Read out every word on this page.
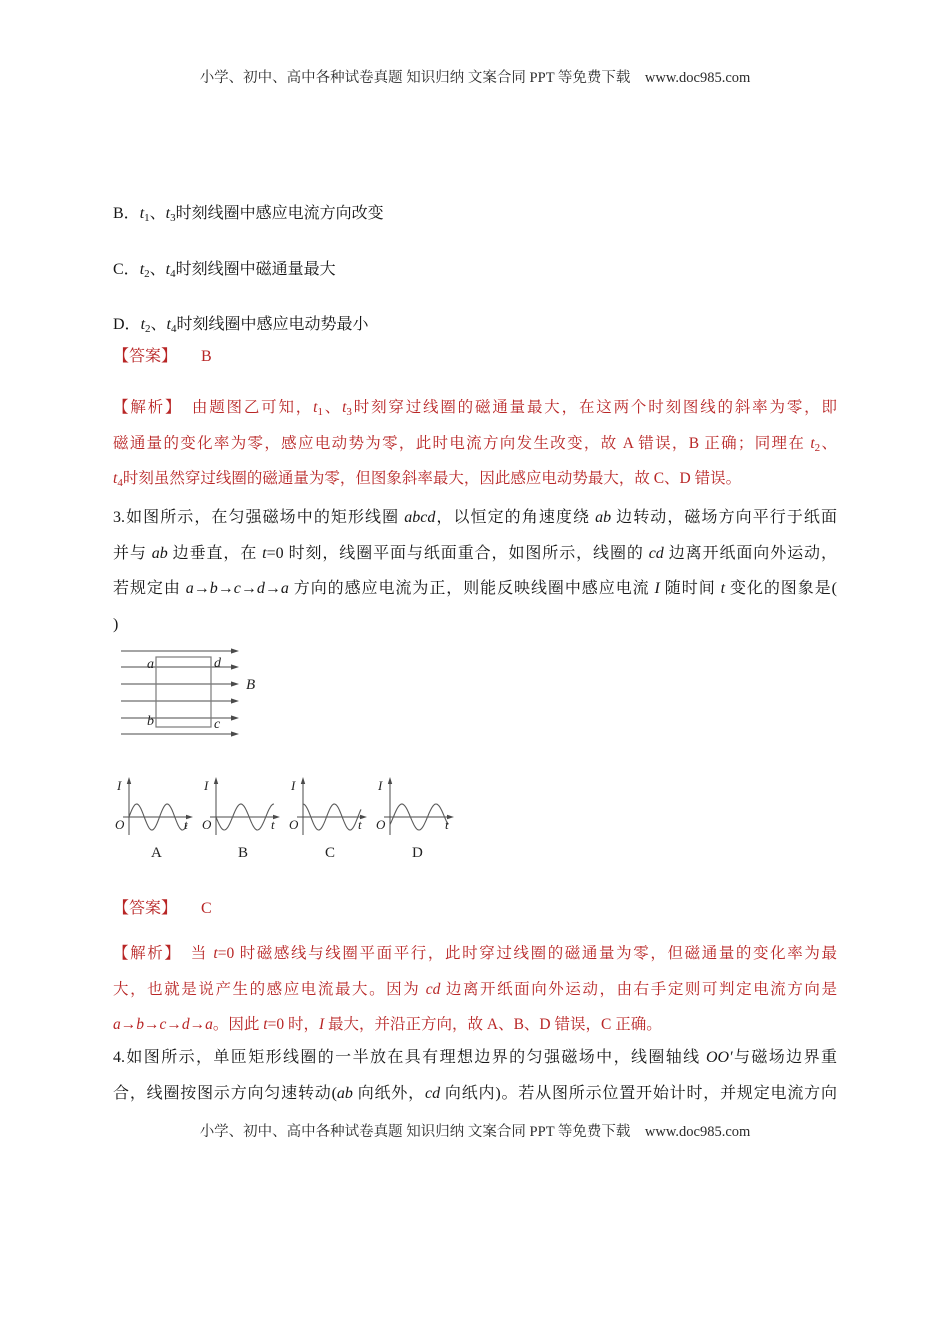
小学、初中、高中各种试卷真题 知识归纳 文案合同 PPT 等免费下载　www.doc985.com
B．t1、t3时刻线圈中感应电流方向改变
C．t2、t4时刻线圈中磁通量最大
D．t2、t4时刻线圈中感应电动势最小
【答案】 B
【解析】　由题图乙可知，t1、t3时刻穿过线圈的磁通量最大，在这两个时刻图线的斜率为零，即
磁通量的变化率为零，感应电动势为零，此时电流方向发生改变，故 A 错误，B 正确；同理在 t2、
t4时刻虽然穿过线圈的磁通量为零，但图象斜率最大，因此感应电动势最大，故 C、D 错误。
3.如图所示，在匀强磁场中的矩形线圈 abcd，以恒定的角速度绕 ab 边转动，磁场方向平行于纸面
并与 ab 边垂直，在 t=0 时刻，线圈平面与纸面重合，如图所示，线圈的 cd 边离开纸面向外运动，
若规定由 a→b→c→d→a 方向的感应电流为正，则能反映线圈中感应电流 I 随时间 t 变化的图象是(
)
a	d
b	c
B
I
O	t
A
I
O	t
B
I
O	t
C
I
O	t
D
【答案】 C
【解析】　当 t=0 时磁感线与线圈平面平行，此时穿过线圈的磁通量为零，但磁通量的变化率为最
大，也就是说产生的感应电流最大。因为 cd 边离开纸面向外运动，由右手定则可判定电流方向是
a→b→c→d→a。因此 t=0 时，I 最大，并沿正方向，故 A、B、D 错误，C 正确。
4.如图所示，单匝矩形线圈的一半放在具有理想边界的匀强磁场中，线圈轴线 OO′与磁场边界重
合，线圈按图示方向匀速转动(ab 向纸外，cd 向纸内)。若从图所示位置开始计时，并规定电流方向
小学、初中、高中各种试卷真题 知识归纳 文案合同 PPT 等免费下载　www.doc985.com
